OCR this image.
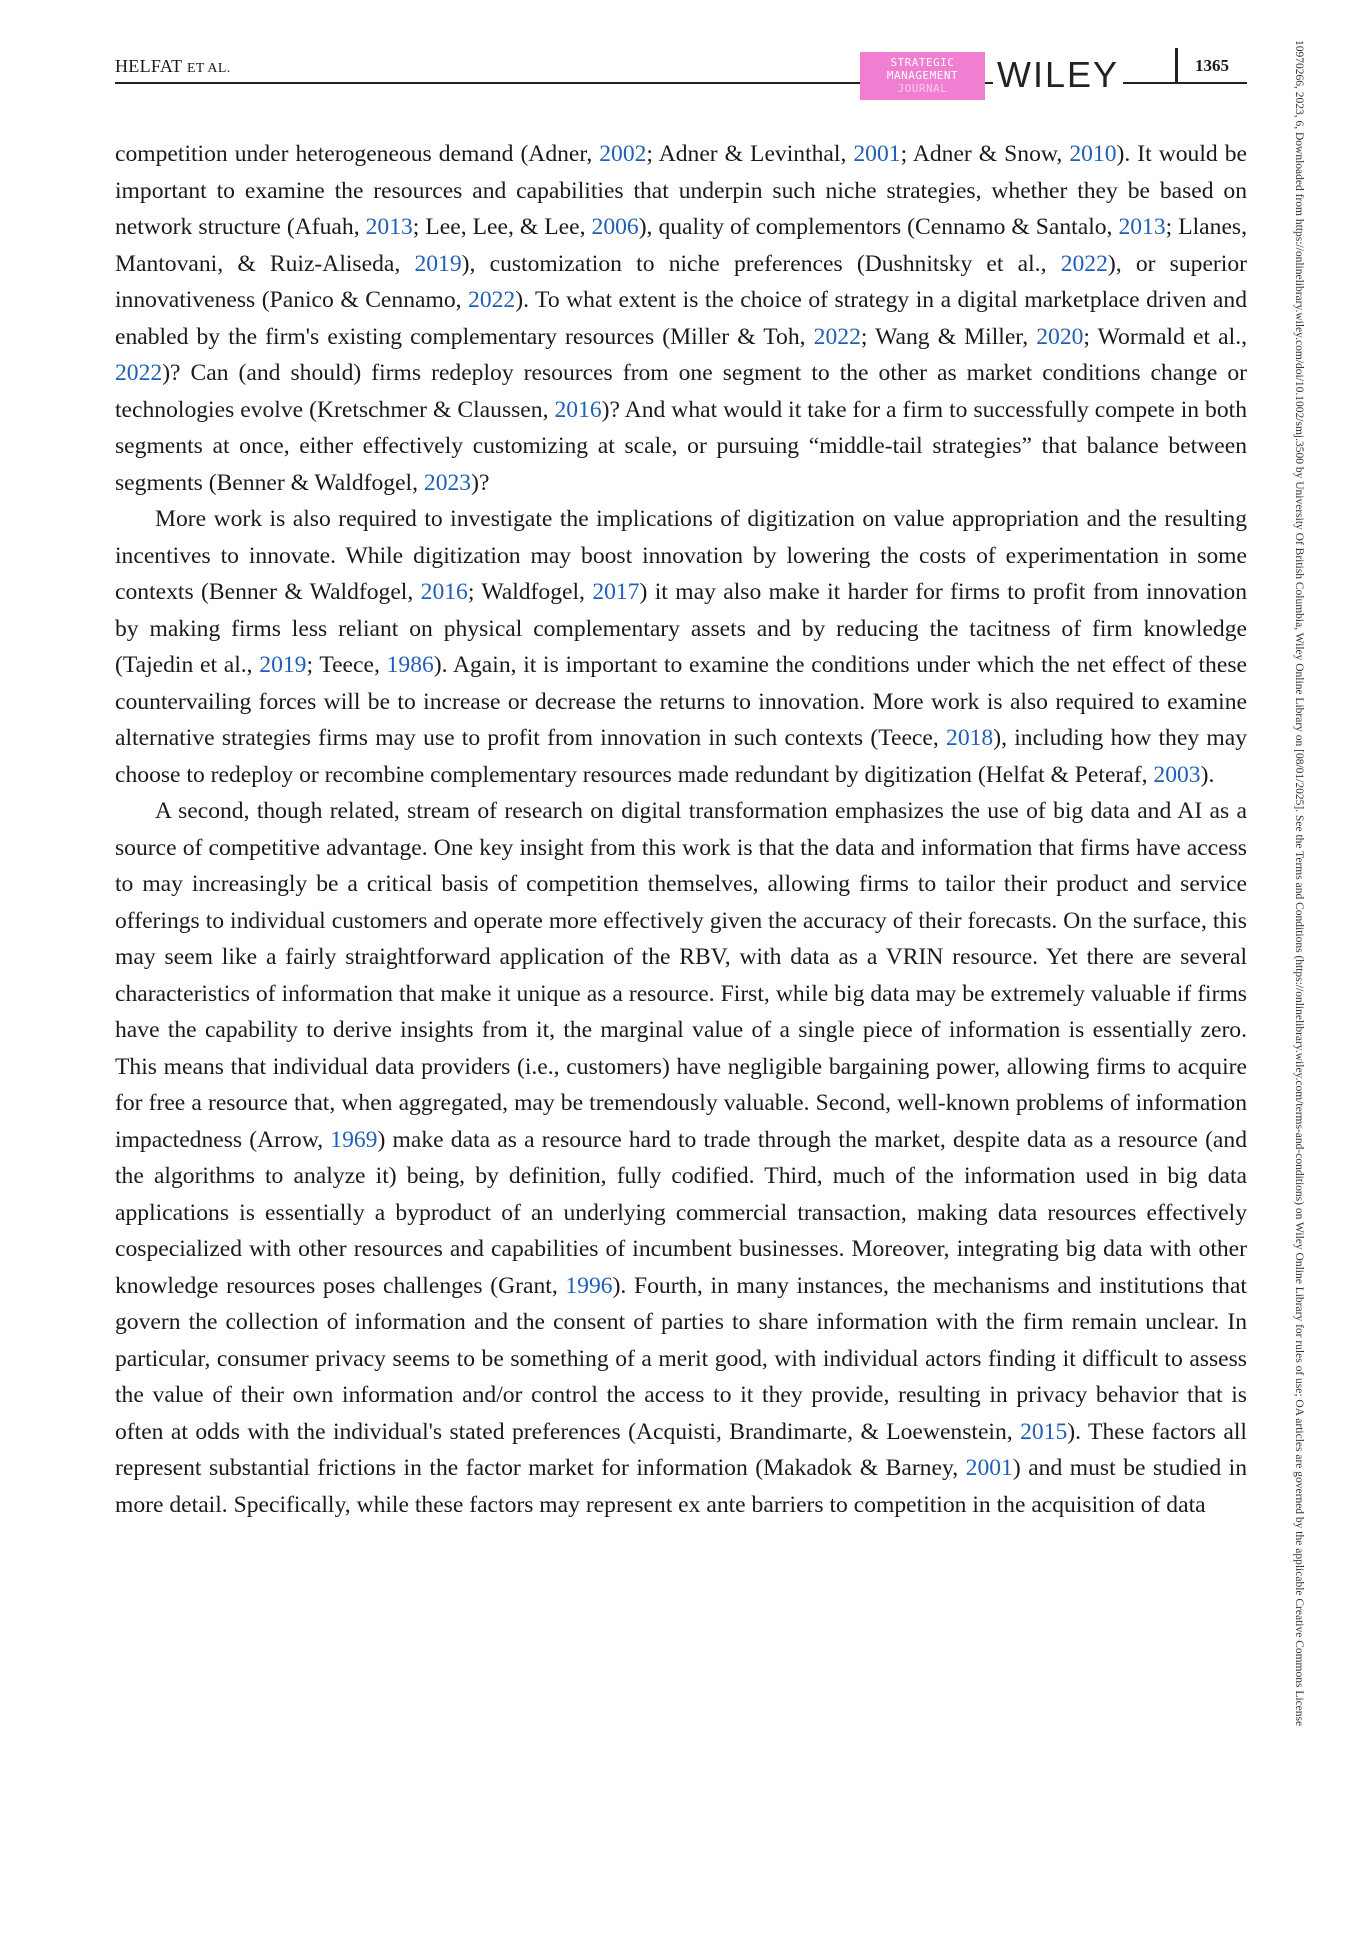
HELFAT ET AL.	STRATEGIC
MANAGEMENT
JOURNAL	WILEY	1365	10970266, 2023, 6, Downloaded from https://onlinelibrary.wiley.com/doi/10.1002/smj.3500 by University Of British Columbia, Wiley Online Library on [08/01/2025]. See the Terms and Conditions (https://onlinelibrary.wiley.com/terms-and-conditions) on Wiley Online Library for rules of use; OA articles are governed by the applicable Creative Commons License

competition under heterogeneous demand (Adner, 2002; Adner & Levinthal, 2001; Adner & Snow, 2010). It would be important to examine the resources and capabilities that underpin such niche strategies, whether they be based on network structure (Afuah, 2013; Lee, Lee, & Lee, 2006), quality of complementors (Cennamo & Santalo, 2013; Llanes, Mantovani, & Ruiz-Aliseda, 2019), customization to niche preferences (Dushnitsky et al., 2022), or superior innovativeness (Panico & Cennamo, 2022). To what extent is the choice of strategy in a digital marketplace driven and enabled by the firm's existing complementary resources (Miller & Toh, 2022; Wang & Miller, 2020; Wormald et al., 2022)? Can (and should) firms redeploy resources from one segment to the other as market conditions change or technologies evolve (Kretschmer & Claussen, 2016)? And what would it take for a firm to successfully compete in both segments at once, either effectively customizing at scale, or pursuing “middle-tail strategies” that balance between segments (Benner & Waldfogel, 2023)?

More work is also required to investigate the implications of digitization on value appropriation and the resulting incentives to innovate. While digitization may boost innovation by lowering the costs of experimentation in some contexts (Benner & Waldfogel, 2016; Waldfogel, 2017) it may also make it harder for firms to profit from innovation by making firms less reliant on physical complementary assets and by reducing the tacitness of firm knowledge (Tajedin et al., 2019; Teece, 1986). Again, it is important to examine the conditions under which the net effect of these countervailing forces will be to increase or decrease the returns to innovation. More work is also required to examine alternative strategies firms may use to profit from innovation in such contexts (Teece, 2018), including how they may choose to redeploy or recombine complementary resources made redundant by digitization (Helfat & Peteraf, 2003).

A second, though related, stream of research on digital transformation emphasizes the use of big data and AI as a source of competitive advantage. One key insight from this work is that the data and information that firms have access to may increasingly be a critical basis of competition themselves, allowing firms to tailor their product and service offerings to individual customers and operate more effectively given the accuracy of their forecasts. On the surface, this may seem like a fairly straightforward application of the RBV, with data as a VRIN resource. Yet there are several characteristics of information that make it unique as a resource. First, while big data may be extremely valuable if firms have the capability to derive insights from it, the marginal value of a single piece of information is essentially zero. This means that individual data providers (i.e., customers) have negligible bargaining power, allowing firms to acquire for free a resource that, when aggregated, may be tremendously valuable. Second, well-known problems of information impactedness (Arrow, 1969) make data as a resource hard to trade through the market, despite data as a resource (and the algorithms to analyze it) being, by definition, fully codified. Third, much of the information used in big data applications is essentially a byproduct of an underlying commercial transaction, making data resources effectively cospecialized with other resources and capabilities of incumbent businesses. Moreover, integrating big data with other knowledge resources poses challenges (Grant, 1996). Fourth, in many instances, the mechanisms and institutions that govern the collection of information and the consent of parties to share information with the firm remain unclear. In particular, consumer privacy seems to be something of a merit good, with individual actors finding it difficult to assess the value of their own information and/or control the access to it they provide, resulting in privacy behavior that is often at odds with the individual's stated preferences (Acquisti, Brandimarte, & Loewenstein, 2015). These factors all represent substantial frictions in the factor market for information (Makadok & Barney, 2001) and must be studied in more detail. Specifically, while these factors may represent ex ante barriers to competition in the acquisition of data
